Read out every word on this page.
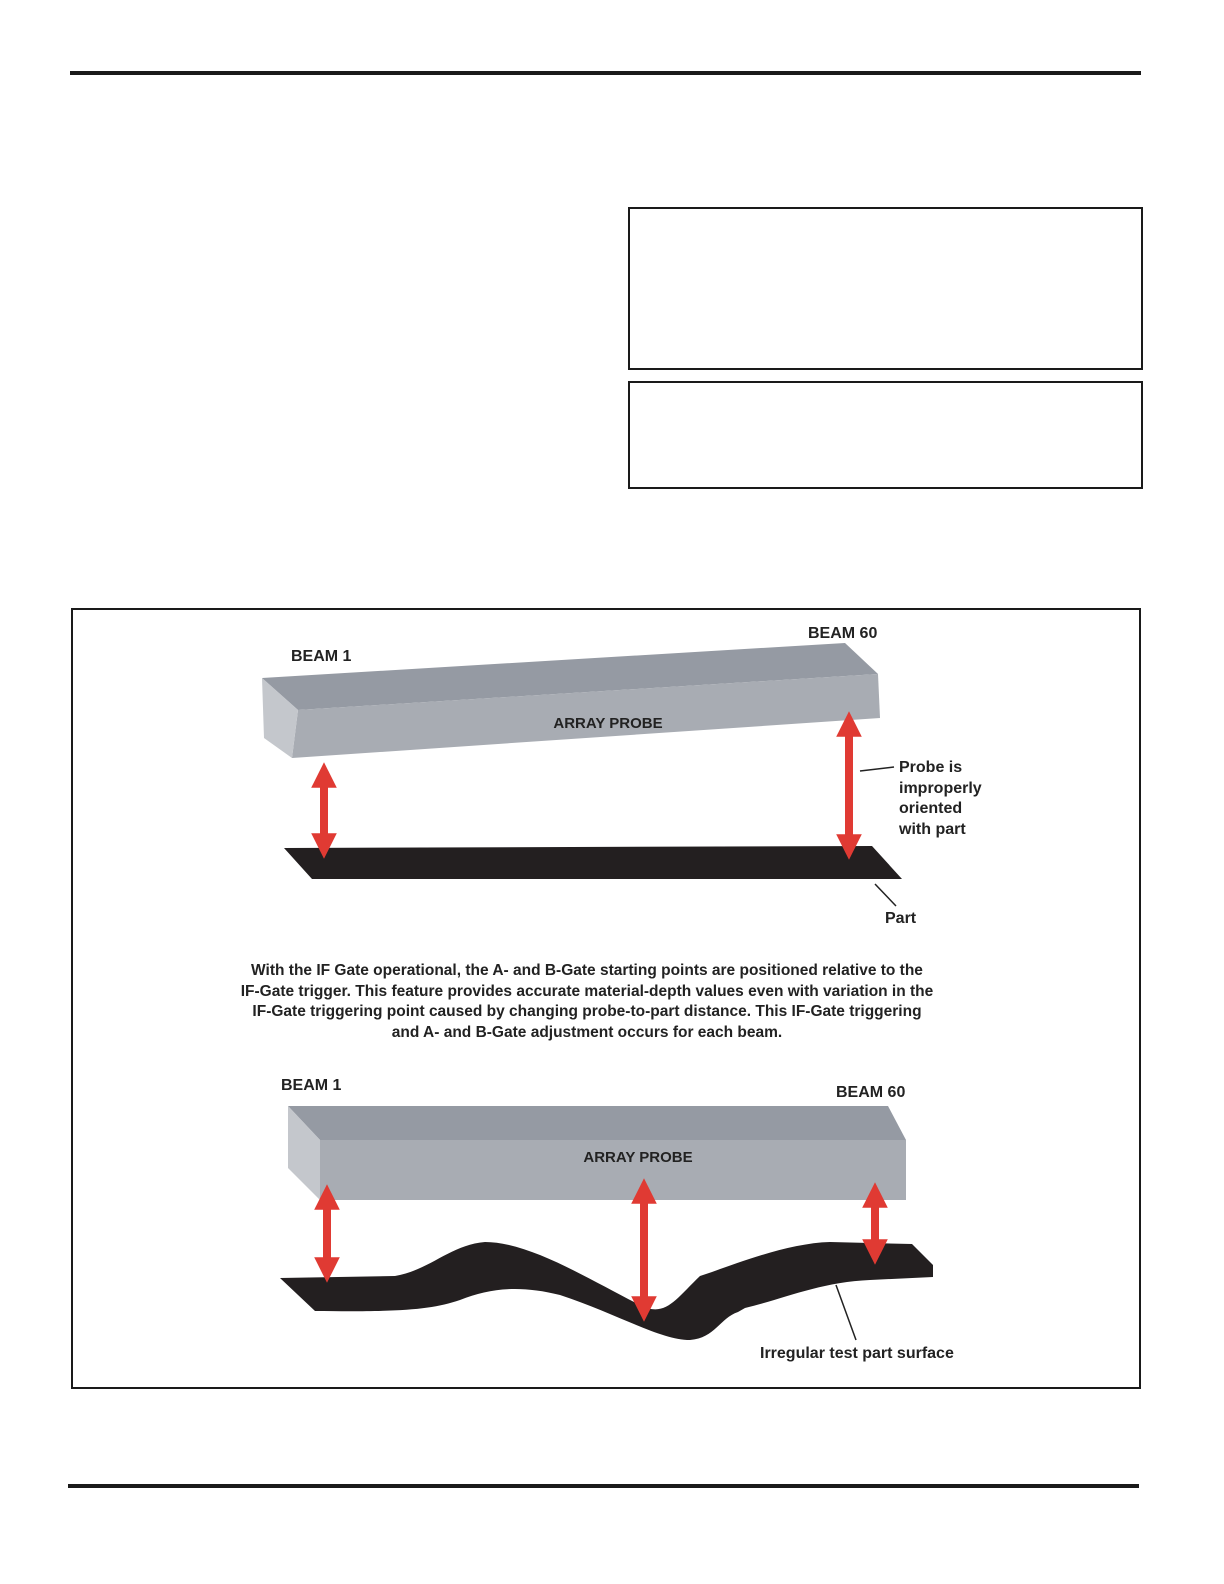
BEAM 1
BEAM 60
ARRAY PROBE
Probe is
improperly
oriented
with part
Part
With the IF Gate operational, the A- and B-Gate starting points are positioned relative to the
IF-Gate trigger. This feature provides accurate material-depth values even with variation in the
IF-Gate triggering point caused by changing probe-to-part distance. This IF-Gate triggering
and A- and B-Gate adjustment occurs for each beam.
BEAM 1	BEAM 60
ARRAY PROBE
Irregular test part surface
